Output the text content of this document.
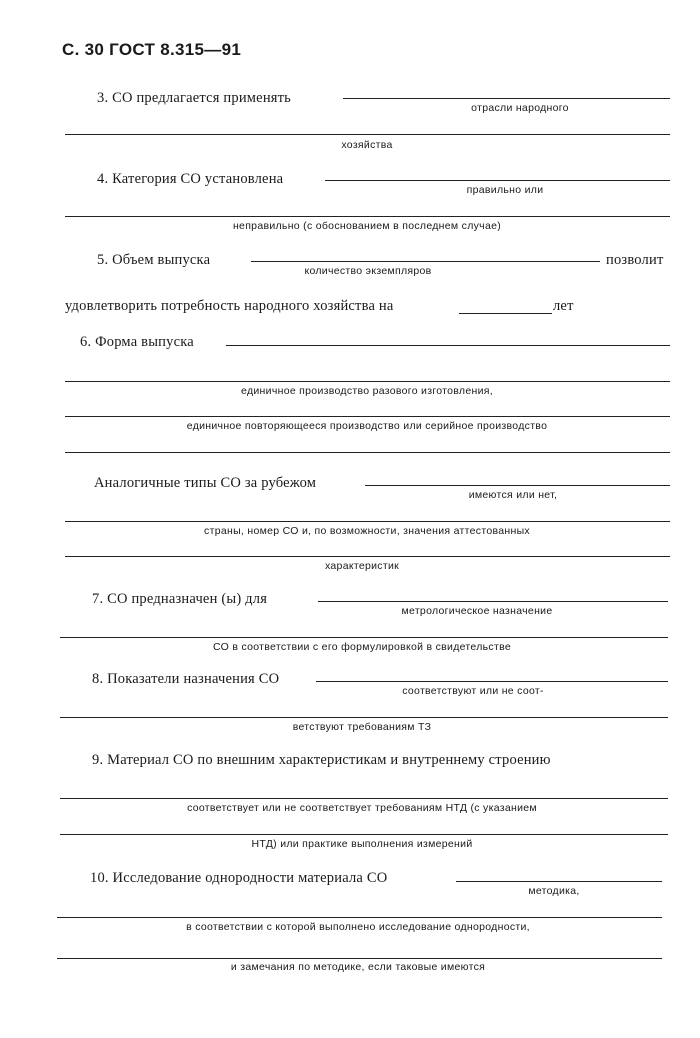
С. 30 ГОСТ 8.315—91
3. СО предлагается применять
отрасли народного
хозяйства
4. Категория СО установлена
правильно или
неправильно (с обоснованием в последнем случае)
5. Объем выпуска
количество экземпляров
позволит
удовлетворить потребность народного хозяйства на	лет
6. Форма выпуска
единичное производство разового изготовления,
единичное повторяющееся производство или серийное производство
Аналогичные типы СО за рубежом
имеются или нет,
страны, номер СО и, по возможности, значения аттестованных
характеристик
7. СО предназначен (ы) для
метрологическое назначение
СО в соответствии с его формулировкой в свидетельстве
8. Показатели назначения СО
соответствуют или не соот-
ветствуют требованиям ТЗ
9. Материал СО по внешним характеристикам и внутреннему строению
соответствует или не соответствует требованиям НТД (с указанием
НТД) или практике выполнения измерений
10. Исследование однородности материала СО
методика,
в соответствии с которой выполнено исследование однородности,
и замечания по методике, если таковые имеются
